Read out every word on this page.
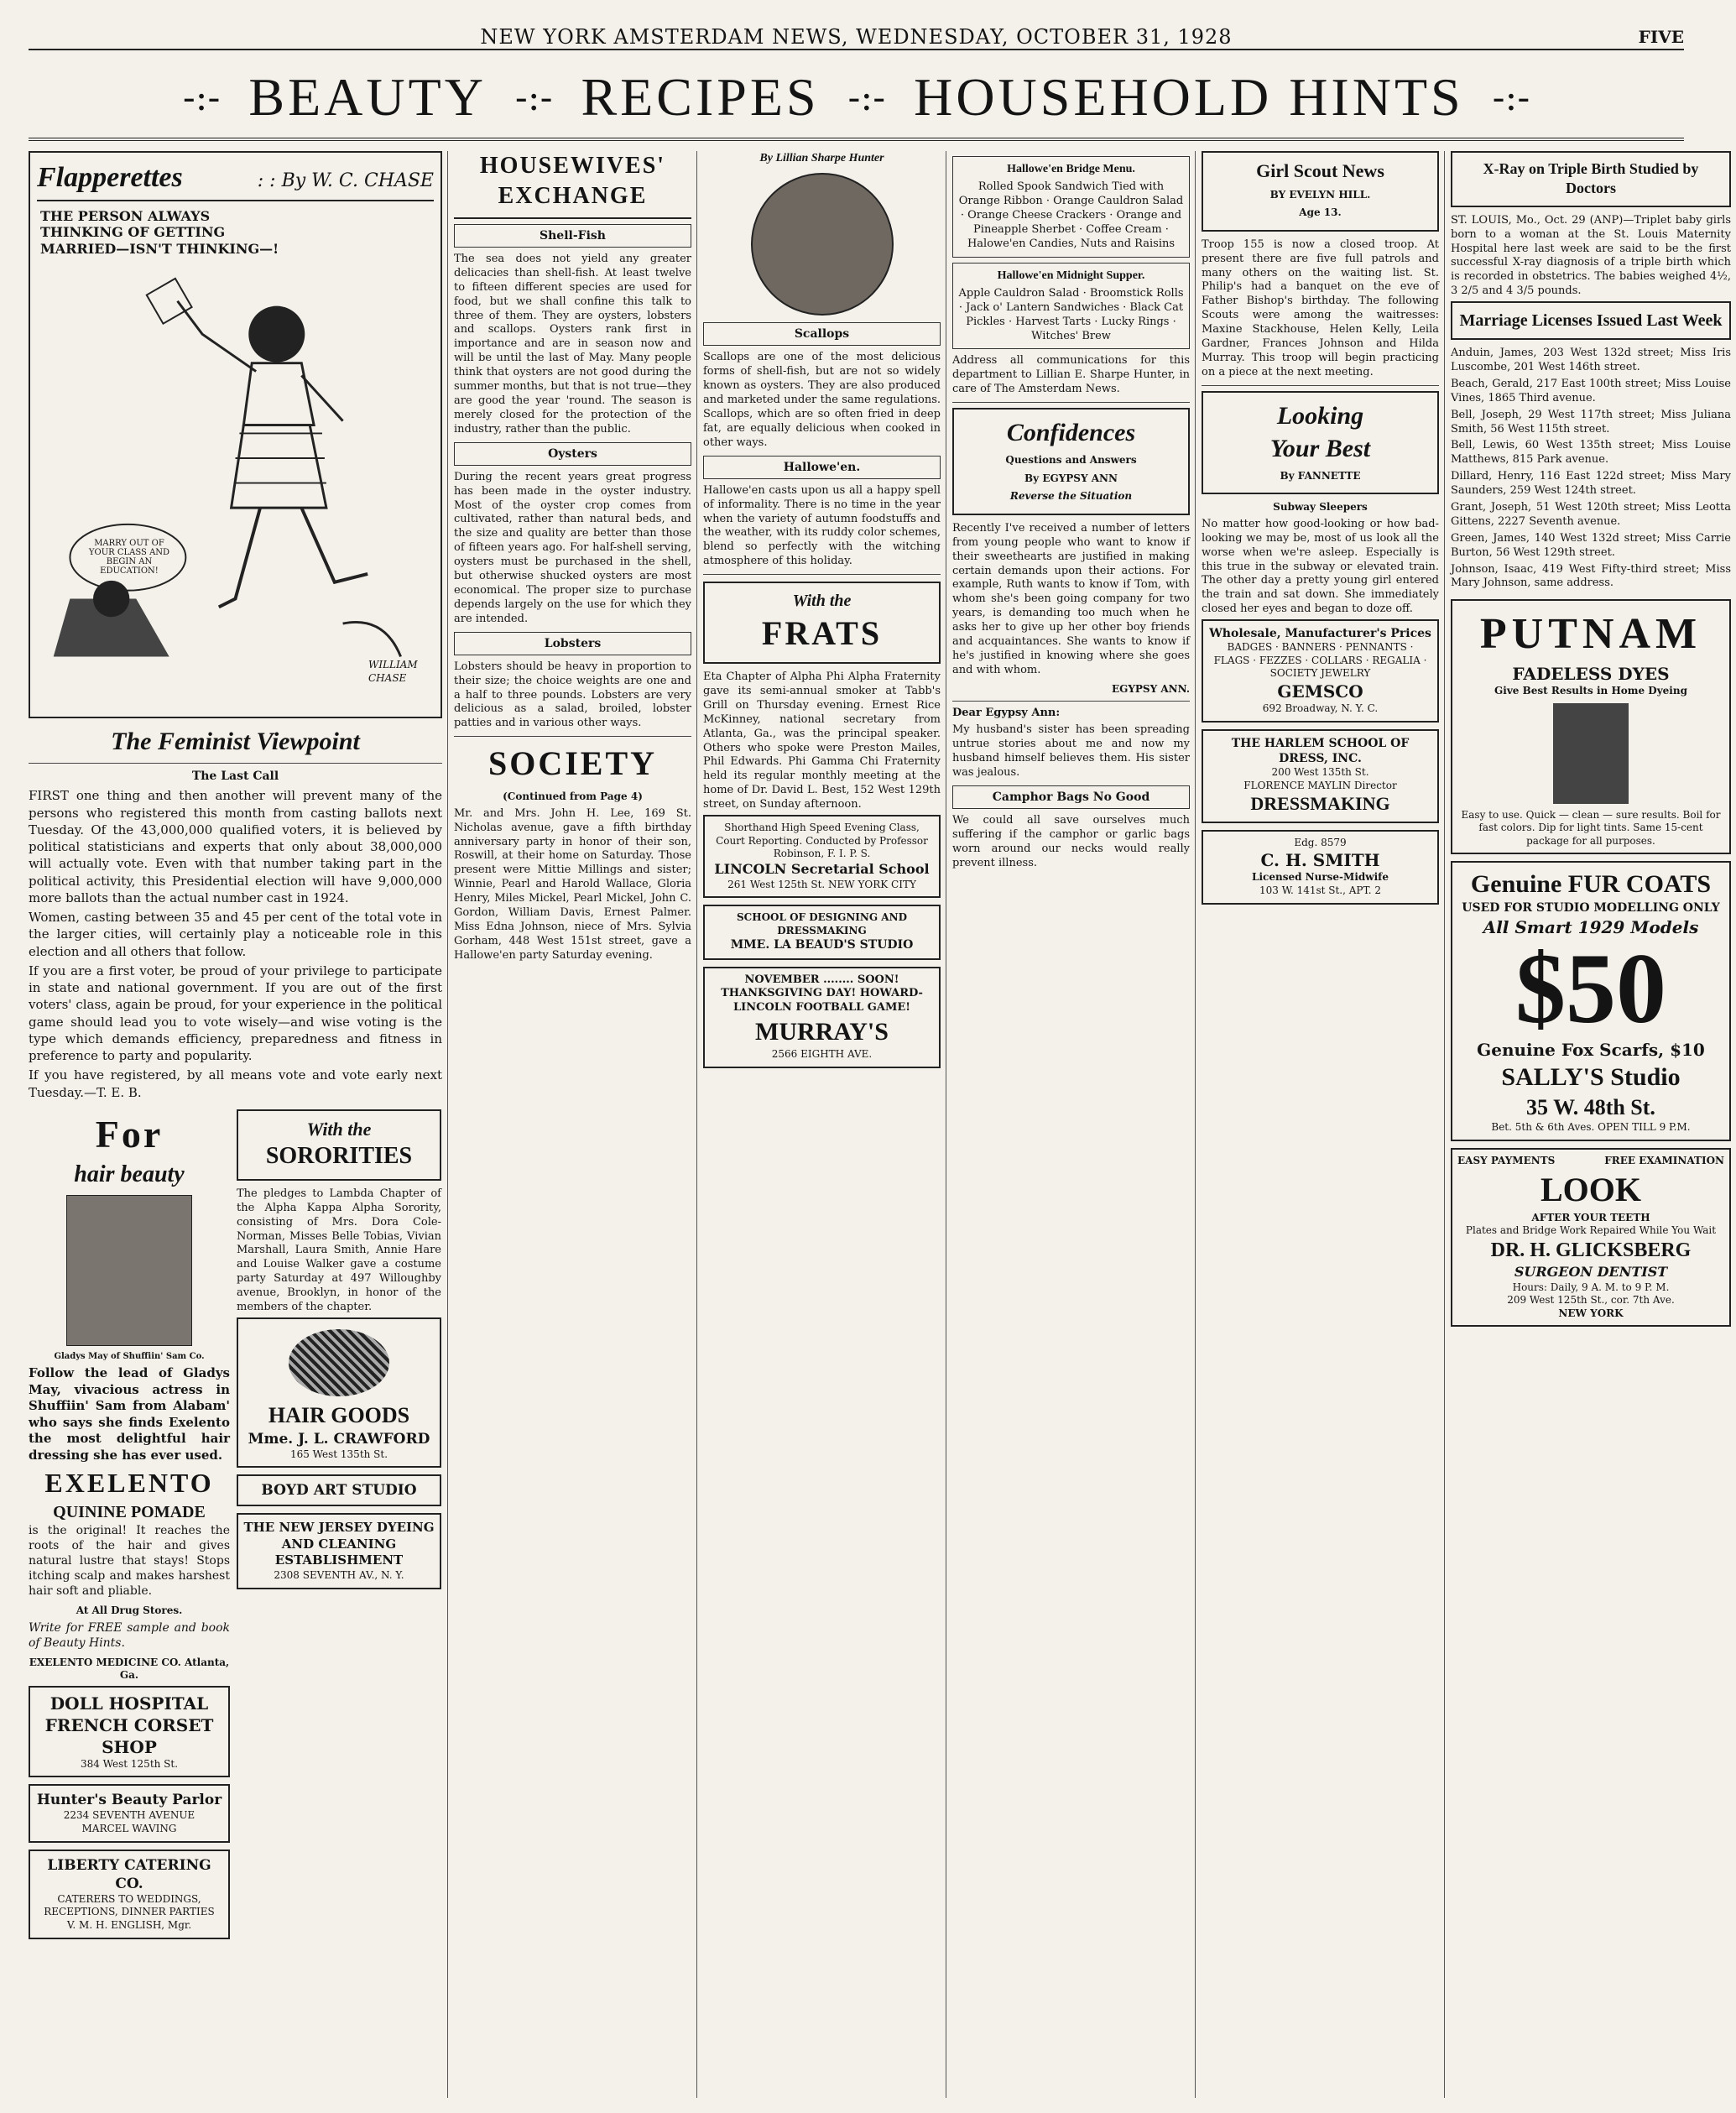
NEW YORK AMSTERDAM NEWS, WEDNESDAY, OCTOBER 31, 1928	FIVE
-:- BEAUTY -:- RECIPES -:- HOUSEHOLD HINTS -:-
Flapperettes	: : By W. C. CHASE
THE PERSON ALWAYS THINKING OF GETTING MARRIED—ISN'T THINKING—!
MARRY OUT OF YOUR CLASS AND BEGIN AN EDUCATION!
WILLIAM CHASE
The Feminist Viewpoint
The Last Call

FIRST one thing and then another will prevent many of the persons who registered this month from casting ballots next Tuesday. Of the 43,000,000 qualified voters, it is believed by political statisticians and experts that only about 38,000,000 will actually vote. Even with that number taking part in the political activity, this Presidential election will have 9,000,000 more ballots than the actual number cast in 1924.

Women, casting between 35 and 45 per cent of the total vote in the larger cities, will certainly play a noticeable role in this election and all others that follow.

If you are a first voter, be proud of your privilege to participate in state and national government. If you are out of the first voters' class, again be proud, for your experience in the political game should lead you to vote wisely—and wise voting is the type which demands efficiency, preparedness and fitness in preference to party and popularity.

If you have registered, by all means vote and vote early next Tuesday.—T. E. B.

For
hair beauty
Gladys May of Shuffiin' Sam Co.

Follow the lead of Gladys May, vivacious actress in Shuffiin' Sam from Alabam' who says she finds Exelento the most delightful hair dressing she has ever used.

EXELENTO
QUININE POMADE

is the original! It reaches the roots of the hair and gives natural lustre that stays! Stops itching scalp and makes harshest hair soft and pliable.

At All Drug Stores.

Write for FREE sample and book of Beauty Hints.

EXELENTO MEDICINE CO. Atlanta, Ga.
DOLL HOSPITAL
FRENCH CORSET SHOP
384 West 125th St.
Hunter's Beauty Parlor
2234 SEVENTH AVENUE
MARCEL WAVING
LIBERTY CATERING CO.
CATERERS TO WEDDINGS, RECEPTIONS, DINNER PARTIES
V. M. H. ENGLISH, Mgr.
With the
SORORITIES

The pledges to Lambda Chapter of the Alpha Kappa Alpha Sorority, consisting of Mrs. Dora Cole-Norman, Misses Belle Tobias, Vivian Marshall, Laura Smith, Annie Hare and Louise Walker gave a costume party Saturday at 497 Willoughby avenue, Brooklyn, in honor of the members of the chapter.

HAIR GOODS
Mme. J. L. CRAWFORD
165 West 135th St.
BOYD ART STUDIO
THE NEW JERSEY DYEING AND CLEANING ESTABLISHMENT
2308 SEVENTH AV., N. Y.
HOUSEWIVES' EXCHANGE
Shell-Fish

The sea does not yield any greater delicacies than shell-fish. At least twelve to fifteen different species are used for food, but we shall confine this talk to three of them. They are oysters, lobsters and scallops. Oysters rank first in importance and are in season now and will be until the last of May. Many people think that oysters are not good during the summer months, but that is not true—they are good the year 'round. The season is merely closed for the protection of the industry, rather than the public.

Oysters

During the recent years great progress has been made in the oyster industry. Most of the oyster crop comes from cultivated, rather than natural beds, and the size and quality are better than those of fifteen years ago. For half-shell serving, oysters must be purchased in the shell, but otherwise shucked oysters are most economical. The proper size to purchase depends largely on the use for which they are intended.

Lobsters

Lobsters should be heavy in proportion to their size; the choice weights are one and a half to three pounds. Lobsters are very delicious as a salad, broiled, lobster patties and in various other ways.

SOCIETY
(Continued from Page 4)

Mr. and Mrs. John H. Lee, 169 St. Nicholas avenue, gave a fifth birthday anniversary party in honor of their son, Roswill, at their home on Saturday. Those present were Mittie Millings and sister; Winnie, Pearl and Harold Wallace, Gloria Henry, Miles Mickel, Pearl Mickel, John C. Gordon, William Davis, Ernest Palmer. Miss Edna Johnson, niece of Mrs. Sylvia Gorham, 448 West 151st street, gave a Hallowe'en party Saturday evening.

By Lillian Sharpe Hunter
Scallops

Scallops are one of the most delicious forms of shell-fish, but are not so widely known as oysters. They are also produced and marketed under the same regulations. Scallops, which are so often fried in deep fat, are equally delicious when cooked in other ways.

Hallowe'en.

Hallowe'en casts upon us all a happy spell of informality. There is no time in the year when the variety of autumn foodstuffs and the weather, with its ruddy color schemes, blend so perfectly with the witching atmosphere of this holiday.

With the
FRATS

Eta Chapter of Alpha Phi Alpha Fraternity gave its semi-annual smoker at Tabb's Grill on Thursday evening. Ernest Rice McKinney, national secretary from Atlanta, Ga., was the principal speaker. Others who spoke were Preston Mailes, Phil Edwards. Phi Gamma Chi Fraternity held its regular monthly meeting at the home of Dr. David L. Best, 152 West 129th street, on Sunday afternoon.

Shorthand High Speed Evening Class, Court Reporting. Conducted by Professor Robinson, F. I. P. S.
LINCOLN Secretarial School
261 West 125th St. NEW YORK CITY
SCHOOL OF DESIGNING AND DRESSMAKING
MME. LA BEAUD'S STUDIO
NOVEMBER ........ SOON! THANKSGIVING DAY! HOWARD-LINCOLN FOOTBALL GAME!
MURRAY'S
2566 EIGHTH AVE.
Hallowe'en Bridge Menu.
Rolled Spook Sandwich Tied with Orange Ribbon · Orange Cauldron Salad · Orange Cheese Crackers · Orange and Pineapple Sherbet · Coffee Cream · Halowe'en Candies, Nuts and Raisins
Hallowe'en Midnight Supper.
Apple Cauldron Salad · Broomstick Rolls · Jack o' Lantern Sandwiches · Black Cat Pickles · Harvest Tarts · Lucky Rings · Witches' Brew

Address all communications for this department to Lillian E. Sharpe Hunter, in care of The Amsterdam News.

Confidences
Questions and Answers
By EGYPSY ANN
Reverse the Situation

Recently I've received a number of letters from young people who want to know if their sweethearts are justified in making certain demands upon their actions. For example, Ruth wants to know if Tom, with whom she's been going company for two years, is demanding too much when he asks her to give up her other boy friends and acquaintances. She wants to know if he's justified in knowing where she goes and with whom.

EGYPSY ANN.

Dear Egypsy Ann:

My husband's sister has been spreading untrue stories about me and now my husband himself believes them. His sister was jealous.

Camphor Bags No Good

We could all save ourselves much suffering if the camphor or garlic bags worn around our necks would really prevent illness.

Girl Scout News
BY EVELYN HILL.
Age 13.

Troop 155 is now a closed troop. At present there are five full patrols and many others on the waiting list. St. Philip's had a banquet on the eve of Father Bishop's birthday. The following Scouts were among the waitresses: Maxine Stackhouse, Helen Kelly, Leila Gardner, Frances Johnson and Hilda Murray. This troop will begin practicing on a piece at the next meeting.

Looking
Your Best
By FANNETTE
Subway Sleepers

No matter how good-looking or how bad-looking we may be, most of us look all the worse when we're asleep. Especially is this true in the subway or elevated train. The other day a pretty young girl entered the train and sat down. She immediately closed her eyes and began to doze off.

Wholesale, Manufacturer's Prices
BADGES · BANNERS · PENNANTS · FLAGS · FEZZES · COLLARS · REGALIA · SOCIETY JEWELRY
GEMSCO
692 Broadway, N. Y. C.
THE HARLEM SCHOOL OF DRESS, INC.
200 West 135th St.
FLORENCE MAYLIN Director
DRESSMAKING
Edg. 8579
C. H. SMITH
Licensed Nurse-Midwife
103 W. 141st St., APT. 2
X-Ray on Triple Birth Studied by Doctors

ST. LOUIS, Mo., Oct. 29 (ANP)—Triplet baby girls born to a woman at the St. Louis Maternity Hospital here last week are said to be the first successful X-ray diagnosis of a triple birth which is recorded in obstetrics. The babies weighed 4½, 3 2/5 and 4 3/5 pounds.

Marriage Licenses Issued Last Week

Anduin, James, 203 West 132d street; Miss Iris Luscombe, 201 West 146th street.

Beach, Gerald, 217 East 100th street; Miss Louise Vines, 1865 Third avenue.

Bell, Joseph, 29 West 117th street; Miss Juliana Smith, 56 West 115th street.

Bell, Lewis, 60 West 135th street; Miss Louise Matthews, 815 Park avenue.

Dillard, Henry, 116 East 122d street; Miss Mary Saunders, 259 West 124th street.

Grant, Joseph, 51 West 120th street; Miss Leotta Gittens, 2227 Seventh avenue.

Green, James, 140 West 132d street; Miss Carrie Burton, 56 West 129th street.

Johnson, Isaac, 419 West Fifty-third street; Miss Mary Johnson, same address.

PUTNAM
FADELESS DYES
Give Best Results in Home Dyeing
Easy to use. Quick — clean — sure results. Boil for fast colors. Dip for light tints. Same 15-cent package for all purposes.
Genuine FUR COATS
USED FOR STUDIO MODELLING ONLY
All Smart 1929 Models
$50
Genuine Fox Scarfs, $10
SALLY'S Studio
35 W. 48th St.
Bet. 5th & 6th Aves. OPEN TILL 9 P.M.
EASY PAYMENTS	FREE EXAMINATION
LOOK
AFTER YOUR TEETH
Plates and Bridge Work Repaired While You Wait
DR. H. GLICKSBERG
SURGEON DENTIST
Hours: Daily, 9 A. M. to 9 P. M.
209 West 125th St., cor. 7th Ave.
NEW YORK
